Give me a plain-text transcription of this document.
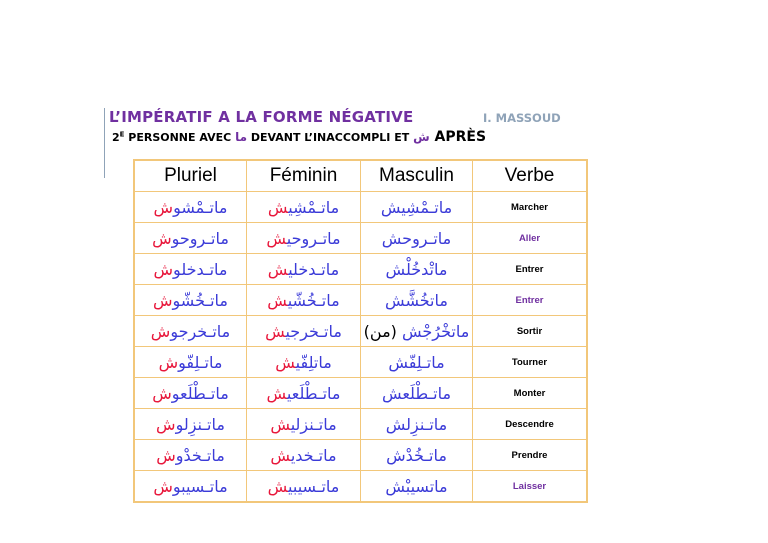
L’IMPÉRATIF A LA FORME NÉGATIVE	I. MASSOUD
$2^E$ PERSONNE AVEC ما DEVANT L’INACCOMPLI ET ش APRÈS
Pluriel	Féminin	Masculin	Verbe
ماتـمْشوش	ماتـمْشِيش	ماتـمْشِيش	Marcher
ماتـروحوش	ماتـروحيش	ماتـروحش	Aller
ماتـدخلوش	ماتـدخليش	ماتْدخُلْش	Entrer
ماتـخُشّوش	ماتـخُشّيش	ماتخُشَّش	Entrer
ماتـخرجوش	ماتـخرجيش	ماتخْرُجْش (من)	Sortir
ماتـلِفّوش	ماتلِفّيش	ماتـلِفّش	Tourner
ماتـطْلَعوش	ماتـطْلَعيش	ماتـطْلَعش	Monter
ماتـنزِلوش	ماتـنزليش	ماتـنزِلش	Descendre
ماتـخدْوش	ماتـخديش	ماتـخُدْش	Prendre
ماتـسيبوش	ماتـسيبيش	ماتسيبْش	Laisser
